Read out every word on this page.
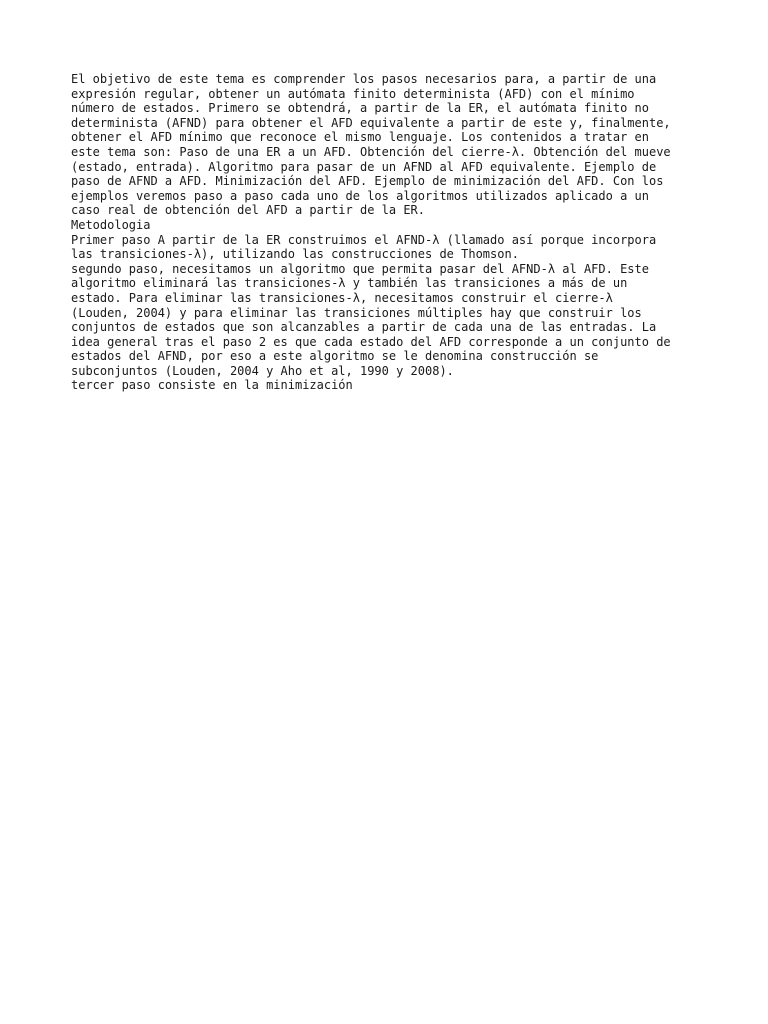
El objetivo de este tema es comprender los pasos necesarios para, a partir de una
expresión regular, obtener un autómata finito determinista (AFD) con el mínimo
número de estados. Primero se obtendrá, a partir de la ER, el autómata finito no
determinista (AFND) para obtener el AFD equivalente a partir de este y, finalmente,
obtener el AFD mínimo que reconoce el mismo lenguaje. Los contenidos a tratar en
este tema son: Paso de una ER a un AFD. Obtención del cierre-λ. Obtención del mueve
(estado, entrada). Algoritmo para pasar de un AFND al AFD equivalente. Ejemplo de
paso de AFND a AFD. Minimización del AFD. Ejemplo de minimización del AFD. Con los
ejemplos veremos paso a paso cada uno de los algoritmos utilizados aplicado a un
caso real de obtención del AFD a partir de la ER.
Metodologia
Primer paso A partir de la ER construimos el AFND-λ (llamado así porque incorpora
las transiciones-λ), utilizando las construcciones de Thomson.
segundo paso, necesitamos un algoritmo que permita pasar del AFND-λ al AFD. Este
algoritmo eliminará las transiciones-λ y también las transiciones a más de un
estado. Para eliminar las transiciones-λ, necesitamos construir el cierre-λ
(Louden, 2004) y para eliminar las transiciones múltiples hay que construir los
conjuntos de estados que son alcanzables a partir de cada una de las entradas. La
idea general tras el paso 2 es que cada estado del AFD corresponde a un conjunto de
estados del AFND, por eso a este algoritmo se le denomina construcción se
subconjuntos (Louden, 2004 y Aho et al, 1990 y 2008).
tercer paso consiste en la minimización
